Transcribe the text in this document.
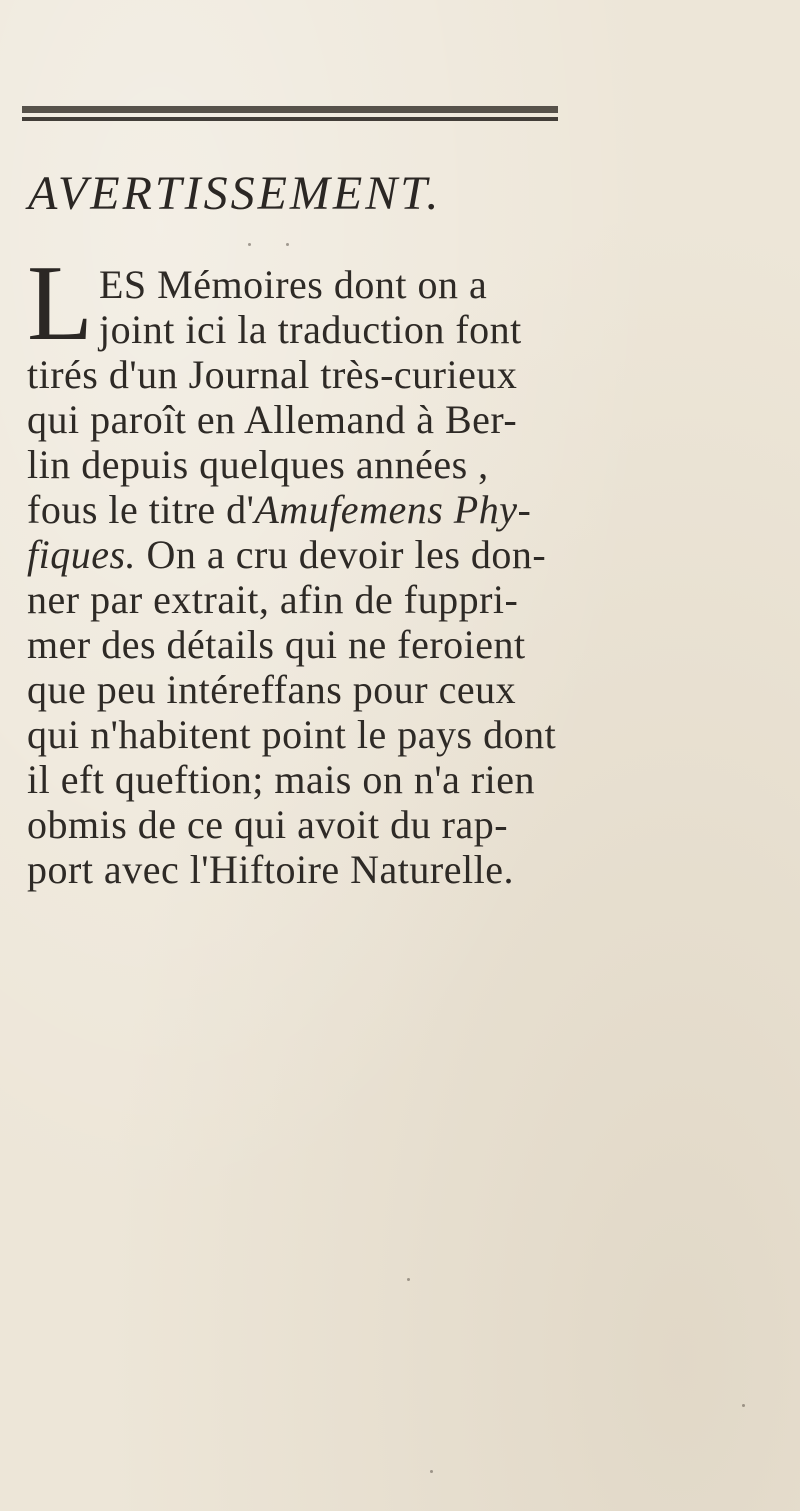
AVERTISSEMENT.
L ES Mémoires dont on a
joint ici la traduction font
tirés d'un Journal très-curieux
qui paroît en Allemand à Ber-
lin depuis quelques années ,
fous le titre d'Amufemens Phy-
fiques. On a cru devoir les don-
ner par extrait, afin de fuppri-
mer des détails qui ne feroient
que peu intéreffans pour ceux
qui n'habitent point le pays dont
il eft queftion; mais on n'a rien
obmis de ce qui avoit du rap-
port avec l'Hiftoire Naturelle.
